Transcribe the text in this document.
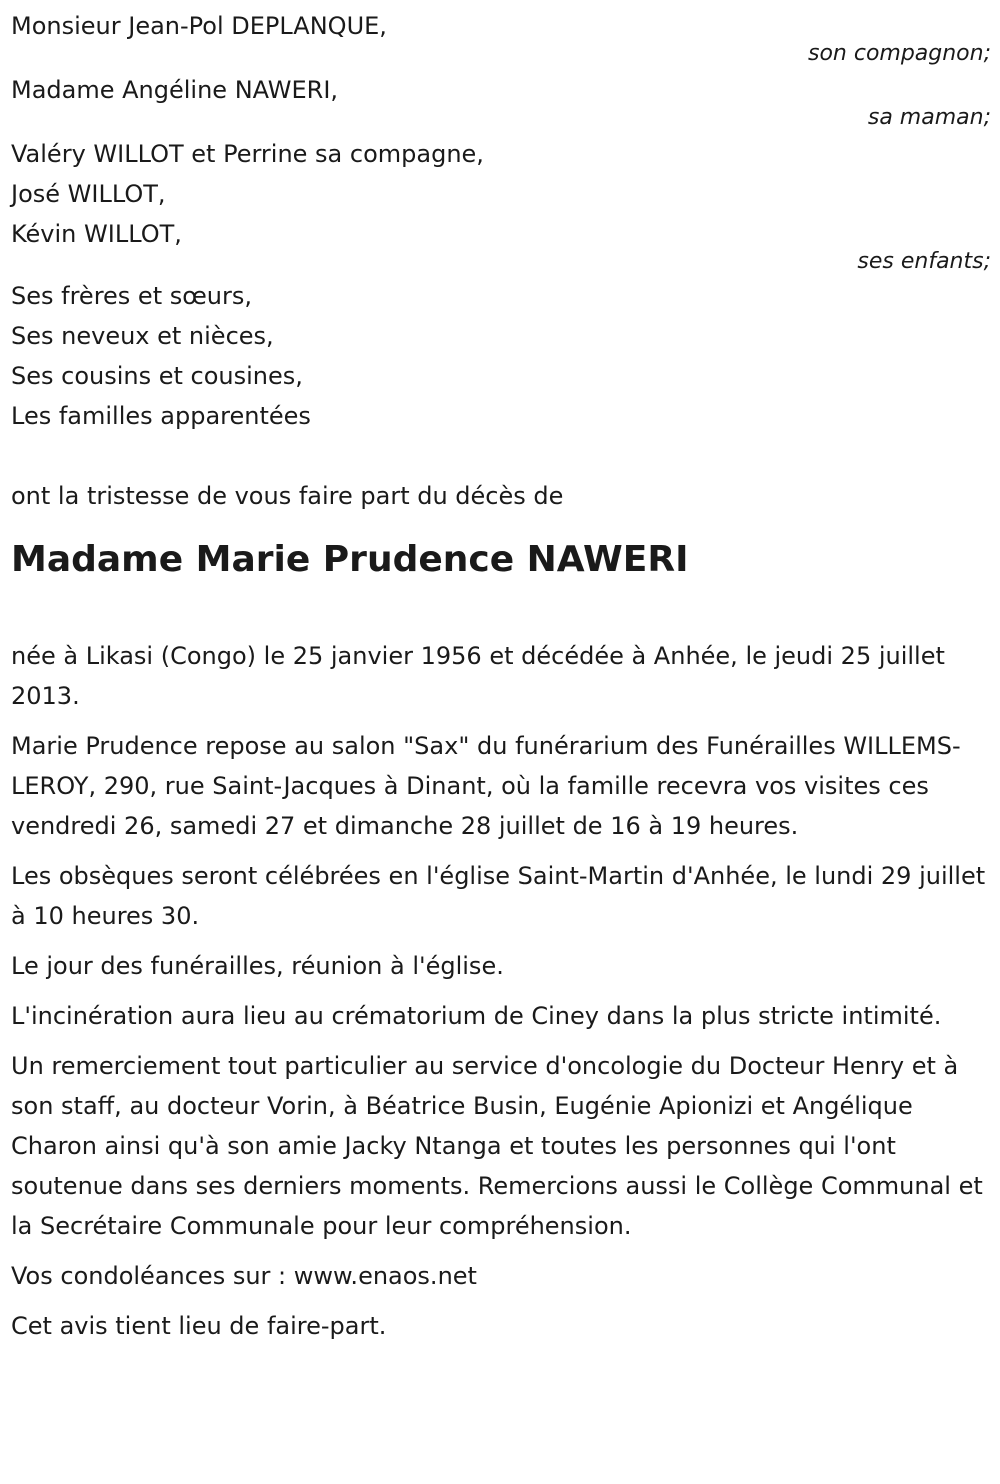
Monsieur Jean-Pol DEPLANQUE,
son compagnon;
Madame Angéline NAWERI,
sa maman;
Valéry WILLOT et Perrine sa compagne,
José WILLOT,
Kévin WILLOT,
ses enfants;
Ses frères et sœurs,
Ses neveux et nièces,
Ses cousins et cousines,
Les familles apparentées
ont la tristesse de vous faire part du décès de
Madame Marie Prudence NAWERI

née à Likasi (Congo) le 25 janvier 1956 et décédée à Anhée, le jeudi 25 juillet 2013.

Marie Prudence repose au salon "Sax" du funérarium des Funérailles WILLEMS-LEROY, 290, rue Saint-Jacques à Dinant, où la famille recevra vos visites ces vendredi 26, samedi 27 et dimanche 28 juillet de 16 à 19 heures.

Les obsèques seront célébrées en l'église Saint-Martin d'Anhée, le lundi 29 juillet à 10 heures 30.

Le jour des funérailles, réunion à l'église.

L'incinération aura lieu au crématorium de Ciney dans la plus stricte intimité.

Un remerciement tout particulier au service d'oncologie du Docteur Henry et à son staff, au docteur Vorin, à Béatrice Busin, Eugénie Apionizi et Angélique Charon ainsi qu'à son amie Jacky Ntanga et toutes les personnes qui l'ont soutenue dans ses derniers moments. Remercions aussi le Collège Communal et la Secrétaire Communale pour leur compréhension.

Vos condoléances sur : www.enaos.net

Cet avis tient lieu de faire-part.
